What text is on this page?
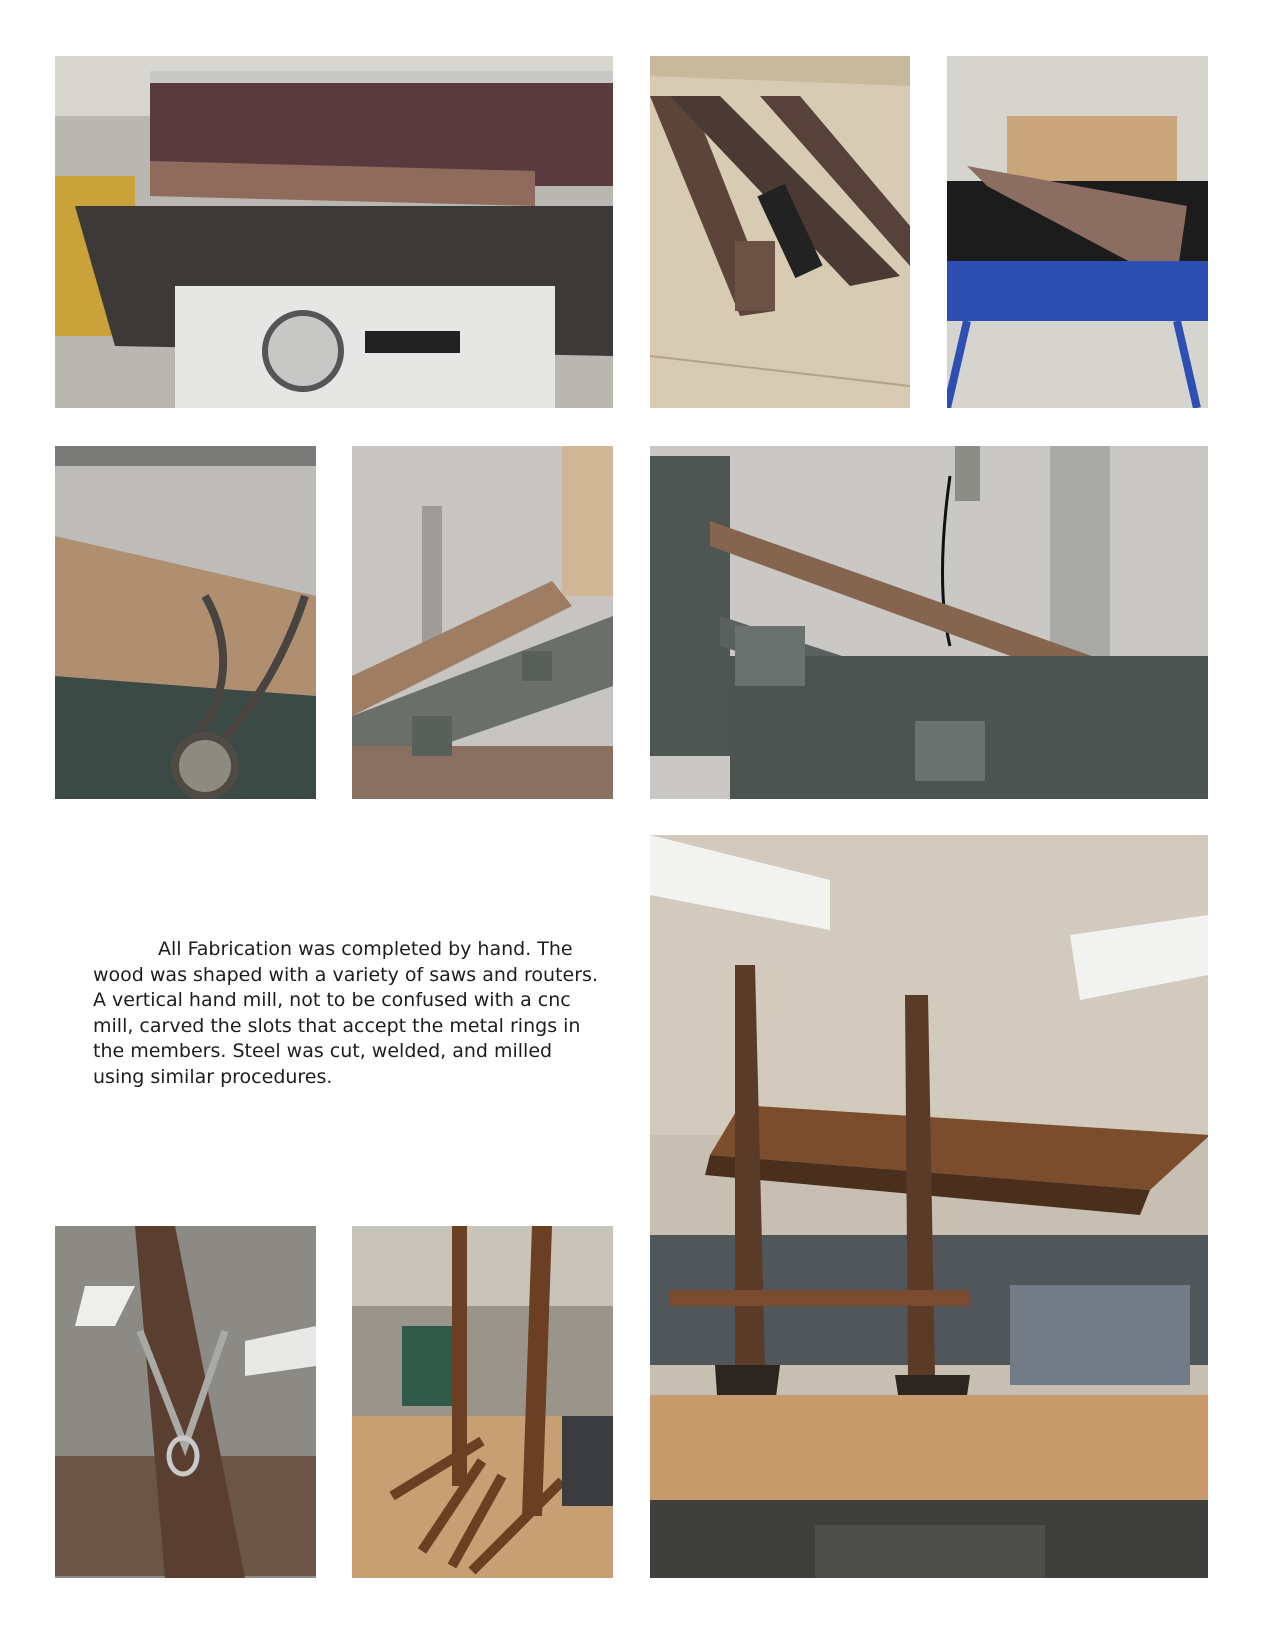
All Fabrication was completed by hand. The wood was shaped with a variety of saws and routers. A vertical hand mill, not to be confused with a cnc mill, carved the slots that accept the metal rings in the members. Steel was cut, welded, and milled using similar procedures.
